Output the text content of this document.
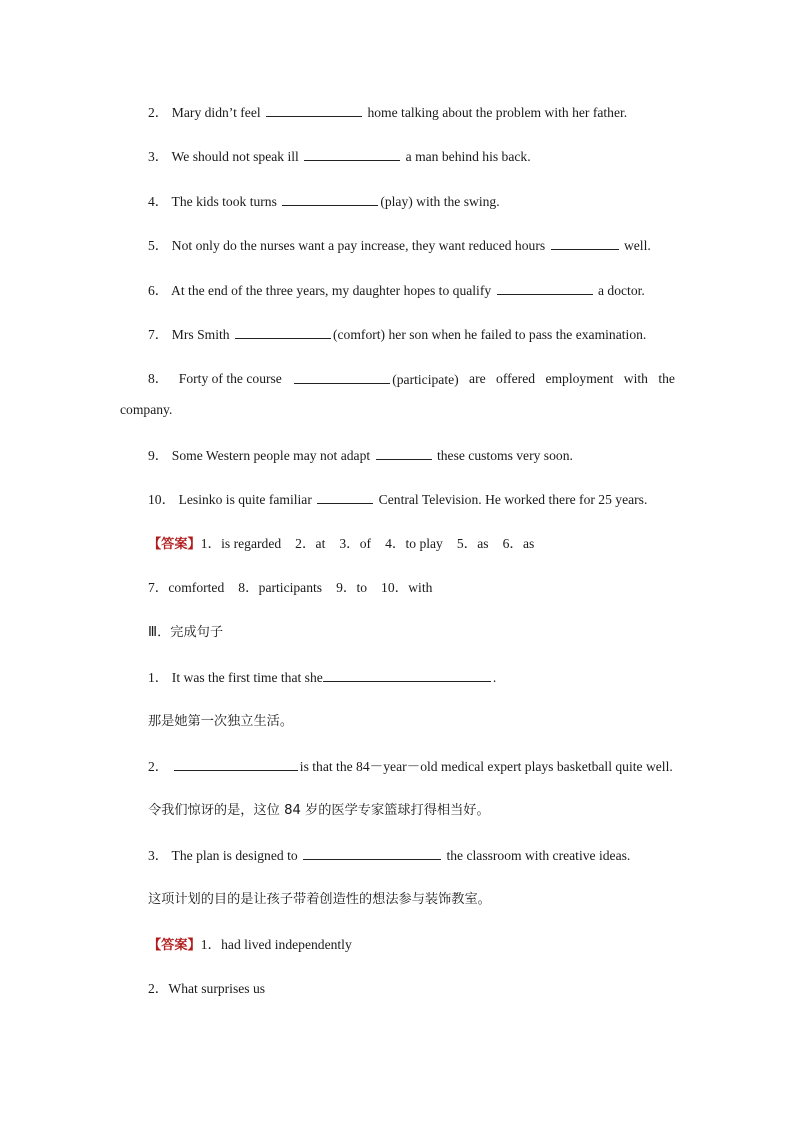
2． Mary didn’t feel	home talking about the problem with her father.
3． We should not speak ill	a man behind his back.
4． The kids took turns	(play) with the swing.
5． Not only do the nurses want a pay increase, they want reduced hours	well.
6． At the end of the three years, my daughter hopes to qualify	a doctor.
7． Mrs Smith	(comfort) her son when he failed to pass the examination.
8． Forty of the course	(participate) are offered employment with the
company.
9． Some Western people may not adapt	these customs very soon.
10． Lesinko is quite familiar	Central Television. He worked there for 25 years.
【答案】1．is regarded 2．at 3．of 4．to play 5．as 6．as
7．comforted 8．participants 9．to 10．with
Ⅲ．完成句子
1． It was the first time that she	.
那是她第一次独立生活。
2．	is that the 84－year－old medical expert plays basketball quite well.
令我们惊讶的是，这位 84 岁的医学专家篮球打得相当好。
3． The plan is designed to	the classroom with creative ideas.
这项计划的目的是让孩子带着创造性的想法参与装饰教室。
【答案】1．had lived independently
2．What surprises us
